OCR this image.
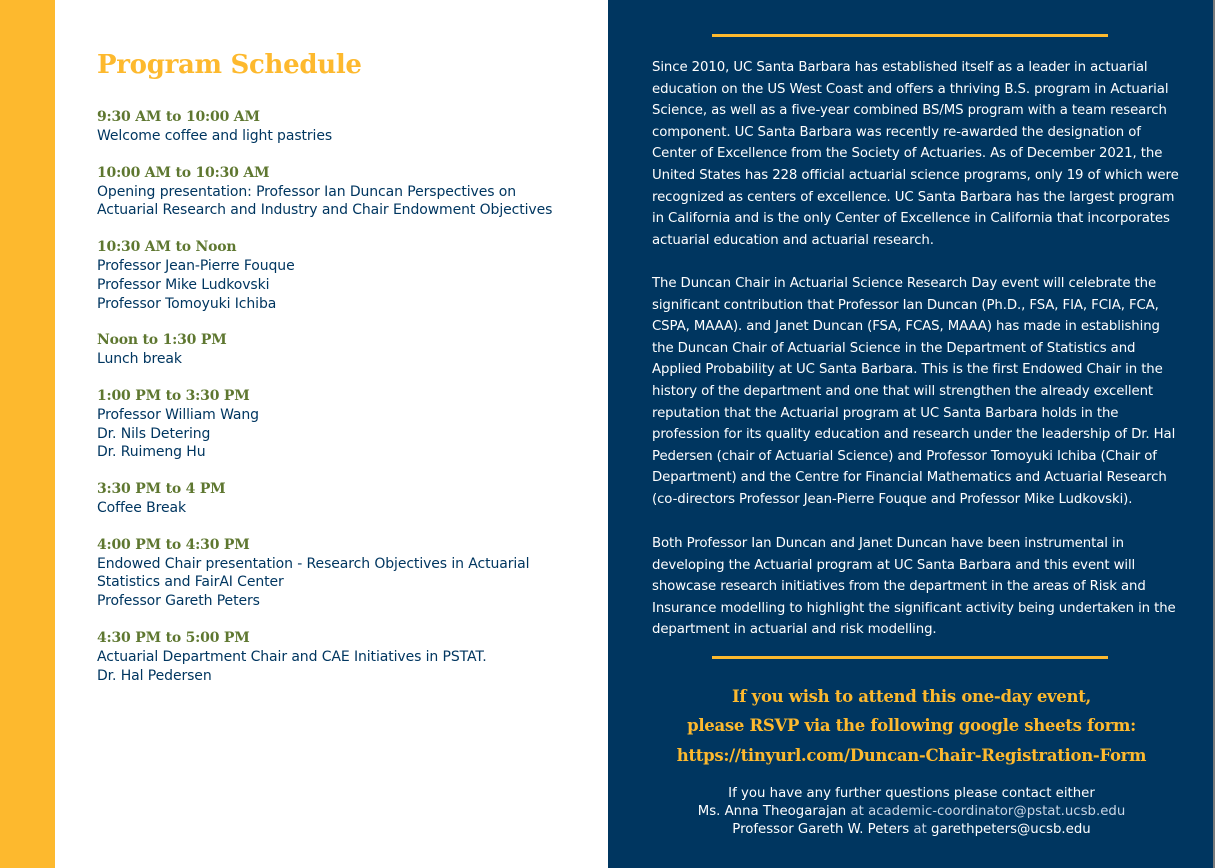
Program Schedule
9:30 AM to 10:00 AM
Welcome coffee and light pastries
10:00 AM to 10:30 AM
Opening presentation: Professor Ian Duncan Perspectives on
Actuarial Research and Industry and Chair Endowment Objectives
10:30 AM to Noon
Professor Jean-Pierre Fouque
Professor Mike Ludkovski
Professor Tomoyuki Ichiba
Noon to 1:30 PM
Lunch break
1:00 PM to 3:30 PM
Professor William Wang
Dr. Nils Detering
Dr. Ruimeng Hu
3:30 PM to 4 PM
Coffee Break
4:00 PM to 4:30 PM
Endowed Chair presentation - Research Objectives in Actuarial
Statistics and FairAI Center
Professor Gareth Peters
4:30 PM to 5:00 PM
Actuarial Department Chair and CAE Initiatives in PSTAT.
Dr. Hal Pedersen

Since 2010, UC Santa Barbara has established itself as a leader in actuarial
education on the US West Coast and offers a thriving B.S. program in Actuarial
Science, as well as a five-year combined BS/MS program with a team research
component. UC Santa Barbara was recently re-awarded the designation of
Center of Excellence from the Society of Actuaries. As of December 2021, the
United States has 228 official actuarial science programs, only 19 of which were
recognized as centers of excellence. UC Santa Barbara has the largest program
in California and is the only Center of Excellence in California that incorporates
actuarial education and actuarial research.

The Duncan Chair in Actuarial Science Research Day event will celebrate the
significant contribution that Professor Ian Duncan (Ph.D., FSA, FIA, FCIA, FCA,
CSPA, MAAA). and Janet Duncan (FSA, FCAS, MAAA) has made in establishing
the Duncan Chair of Actuarial Science in the Department of Statistics and
Applied Probability at UC Santa Barbara. This is the first Endowed Chair in the
history of the department and one that will strengthen the already excellent
reputation that the Actuarial program at UC Santa Barbara holds in the
profession for its quality education and research under the leadership of Dr. Hal
Pedersen (chair of Actuarial Science) and Professor Tomoyuki Ichiba (Chair of
Department) and the Centre for Financial Mathematics and Actuarial Research
(co-directors Professor Jean-Pierre Fouque and Professor Mike Ludkovski).

Both Professor Ian Duncan and Janet Duncan have been instrumental in
developing the Actuarial program at UC Santa Barbara and this event will
showcase research initiatives from the department in the areas of Risk and
Insurance modelling to highlight the significant activity being undertaken in the
department in actuarial and risk modelling.

If you wish to attend this one-day event,
please RSVP via the following google sheets form:
https://tinyurl.com/Duncan-Chair-Registration-Form
If you have any further questions please contact either
Ms. Anna Theogarajan at academic-coordinator@pstat.ucsb.edu
Professor Gareth W. Peters at garethpeters@ucsb.edu
